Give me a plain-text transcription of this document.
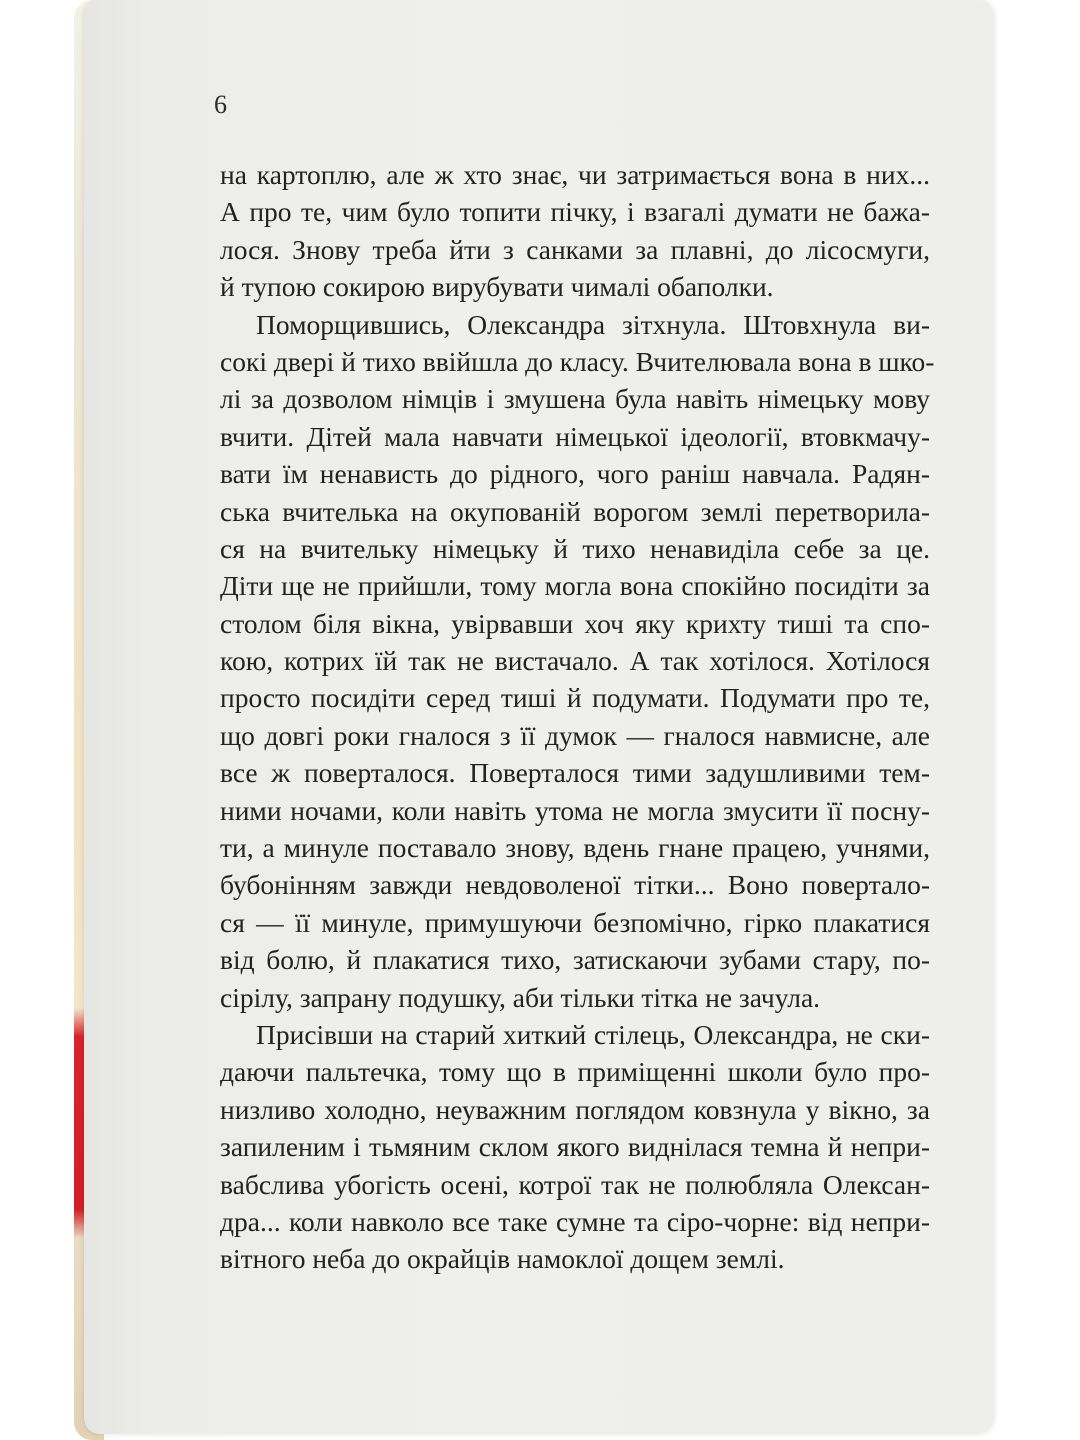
6

на картоплю, але ж хто знає, чи затримається вона в них...
А про те, чим було топити пічку, і взагалі думати не бажа-
лося. Знову треба йти з санками за плавні, до лісосмуги,
й тупою сокирою вирубувати чималі обаполки.
Поморщившись, Олександра зітхнула. Штовхнула ви-
сокі двері й тихо ввійшла до класу. Вчителювала вона в шко-
лі за дозволом німців і змушена була навіть німецьку мову
вчити. Дітей мала навчати німецької ідеології, втовкмачу-
вати їм ненависть до рідного, чого раніш навчала. Радян-
ська вчителька на окупованій ворогом землі перетворила-
ся на вчительку німецьку й тихо ненавиділа себе за це.
Діти ще не прийшли, тому могла вона спокійно посидіти за
столом біля вікна, увірвавши хоч яку крихту тиші та спо-
кою, котрих їй так не вистачало. А так хотілося. Хотілося
просто посидіти серед тиші й подумати. Подумати про те,
що довгі роки гналося з її думок — гналося навмисне, але
все ж поверталося. Поверталося тими задушливими тем-
ними ночами, коли навіть утома не могла змусити її посну-
ти, а минуле поставало знову, вдень гнане працею, учнями,
бубонінням завжди невдоволеної тітки... Воно повертало-
ся — її минуле, примушуючи безпомічно, гірко плакатися
від болю, й плакатися тихо, затискаючи зубами стару, по-
сірілу, запрану подушку, аби тільки тітка не зачула.
Присівши на старий хиткий стілець, Олександра, не ски-
даючи пальтечка, тому що в приміщенні школи було про-
низливо холодно, неуважним поглядом ковзнула у вікно, за
запиленим і тьмяним склом якого виднілася темна й непри-
вабслива убогість осені, котрої так не полюбляла Олексан-
дра... коли навколо все таке сумне та сіро-чорне: від непри-
вітного неба до окрайців намоклої дощем землі.
